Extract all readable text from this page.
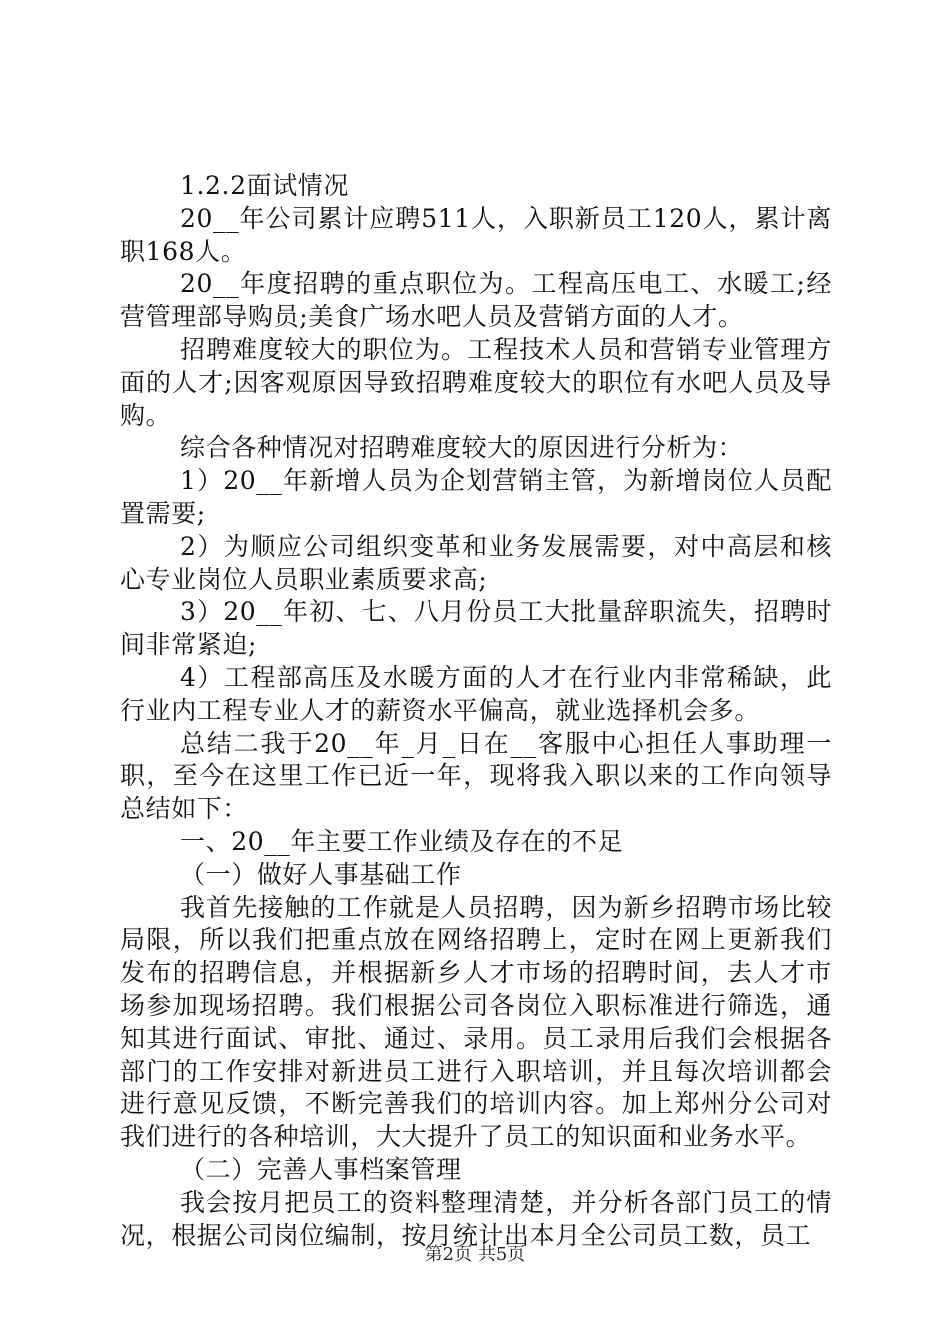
1.2.2面试情况

20__年公司累计应聘511人，入职新员工120人，累计离职168人。

20__年度招聘的重点职位为。工程高压电工、水暖工;经营管理部导购员;美食广场水吧人员及营销方面的人才。

招聘难度较大的职位为。工程技术人员和营销专业管理方面的人才;因客观原因导致招聘难度较大的职位有水吧人员及导购。

综合各种情况对招聘难度较大的原因进行分析为：

1）20__年新增人员为企划营销主管，为新增岗位人员配置需要;

2）为顺应公司组织变革和业务发展需要，对中高层和核心专业岗位人员职业素质要求高;

3）20__年初、七、八月份员工大批量辞职流失，招聘时间非常紧迫;

4）工程部高压及水暖方面的人才在行业内非常稀缺，此行业内工程专业人才的薪资水平偏高，就业选择机会多。

总结二我于20__年_月_日在__客服中心担任人事助理一职，至今在这里工作已近一年，现将我入职以来的工作向领导总结如下：

一、20__年主要工作业绩及存在的不足

（一）做好人事基础工作

我首先接触的工作就是人员招聘，因为新乡招聘市场比较局限，所以我们把重点放在网络招聘上，定时在网上更新我们发布的招聘信息，并根据新乡人才市场的招聘时间，去人才市场参加现场招聘。我们根据公司各岗位入职标准进行筛选，通知其进行面试、审批、通过、录用。员工录用后我们会根据各部门的工作安排对新进员工进行入职培训，并且每次培训都会进行意见反馈，不断完善我们的培训内容。加上郑州分公司对我们进行的各种培训，大大提升了员工的知识面和业务水平。

（二）完善人事档案管理

我会按月把员工的资料整理清楚，并分析各部门员工的情况，根据公司岗位编制，按月统计出本月全公司员工数，员工

第2页 共5页
